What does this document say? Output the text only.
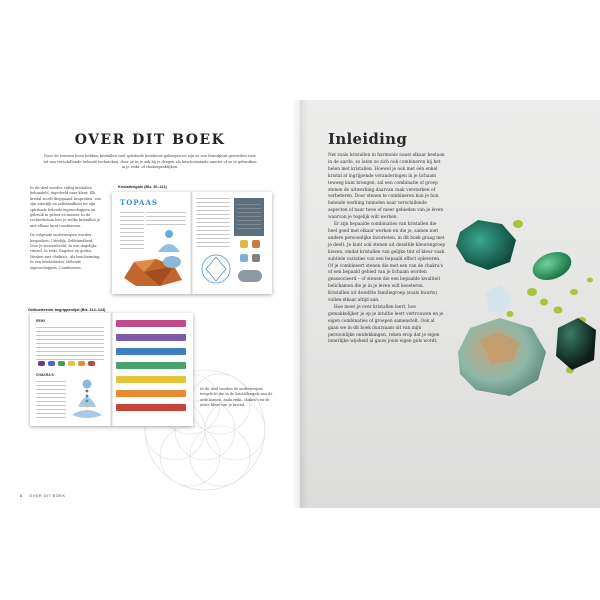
OVER DIT BOEK
Door de eeuwen heen hebben kristallen veel spirituele betekenis gekregen en zijn ze een brandpunt geworden voor tal van verschillende helende technieken, door ze in je zak bij je dragen als beschermende amulet of ze te gebruiken in je reiki- of chakrapraktijken.

In dit deel worden vijftig kristallen behandeld, ingedeeld naar kleur. Elk kristal wordt diepgaand besproken, van zijn uiterlijk en zelfstandheid tot zijn spirituele helende eigenschappen en gebruik in geloof en mooier. In de rechterkolom lees je welke kristallen je met elkaar kunt combineren.

De volgende onderwerpen worden besproken: Uiterlijk, Zelfstandheid, Voor je sterrenbeeld, In een dagelijks ritueel, In reiki, Engelen en goden, Werken met chakra's, Als bescherming, In een kristalraster, Helende eigenschappen, Combineren.

Kristallengids (Blz. 30–111)
TOPAAS
Geillustreerde begrippenlijst (Blz. 112–123)
REIKI
CHAKRA'S
In dit deel worden de onderwerpen toegelicht die in de kristallengids aan de orde komen, zoals reiki, chakra's en de juiste kleur van je kristal.
8 OVER DIT BOEK
Inleiding

Net zoals kristallen in harmonie naast elkaar bestaan in de aarde, zo laten ze zich ook combineren bij het helen met kristallen. Hoewel je ook met één enkel kristal al ingrijpende veranderingen in je lichaam teweeg kunt brengen, zal een combinatie of groep stenen de uitwerking daarvan vaak versterken of verbeteren. Door stenen te combineren kun je hun helende werking tunnelen naar verschillende aspecten of naar twee of meer gebieden van je leven waarvan je tegelijk wilt werken.

Er zijn bepaalde combinaties van kristallen die heel goed met elkaar werken en die je, samen met andere persoonlijke favorieten, in dit boek graag met je deelt. Je kunt ook stenen uit dezelfde kleurengroep kiezen, omdat kristallen van gelijke tint of kleur vaak subtiele variaties van een bepaald effect opleveren. Of je combineert stenen die met een van de chakra's of een bepaald gebied van je lichaam worden geassocieerd – of stenen die een bepaalde kwaliteit belichamen die je in je leven wilt koesteren. Kristallen uit dezelfde familiegroep (zoals kwarts) vullen elkaar altijd aan.

Hoe meer je over kristallen leert, hoe gemakkelijker je op je intuïtie leert vertrouwen en je eigen combinaties of groepen samenstelt. Ook al gaan we in dit boek duurzaam uit van mijn persoonlijke ontdekkingen, reken erop dat je eigen innerlijke wijsheid al gauw jouw eigen gids wordt.
